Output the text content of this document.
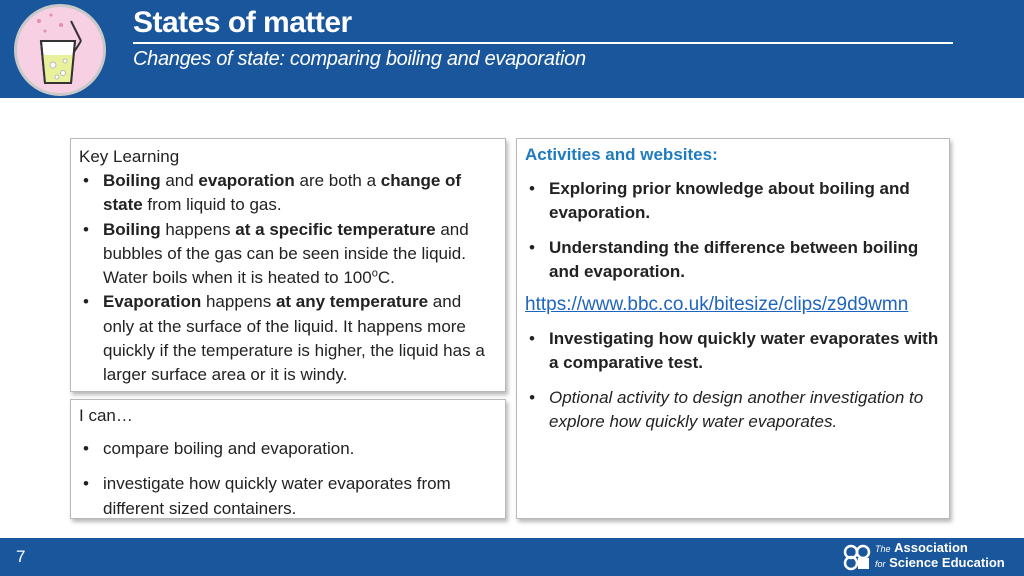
States of matter
Changes of state: comparing boiling and evaporation
Key Learning
• Boiling and evaporation are both a change of state from liquid to gas.
• Boiling happens at a specific temperature and bubbles of the gas can be seen inside the liquid. Water boils when it is heated to 100$^o$C.
• Evaporation happens at any temperature and only at the surface of the liquid. It happens more quickly if the temperature is higher, the liquid has a larger surface area or it is windy.
I can…
• compare boiling and evaporation.
• investigate how quickly water evaporates from different sized containers.
Activities and websites:
• Exploring prior knowledge about boiling and evaporation.
• Understanding the difference between boiling and evaporation.
https://www.bbc.co.uk/bitesize/clips/z9d9wmn
• Investigating how quickly water evaporates with a comparative test.
• Optional activity to design another investigation to explore how quickly water evaporates.
7	The Association
for Science Education
